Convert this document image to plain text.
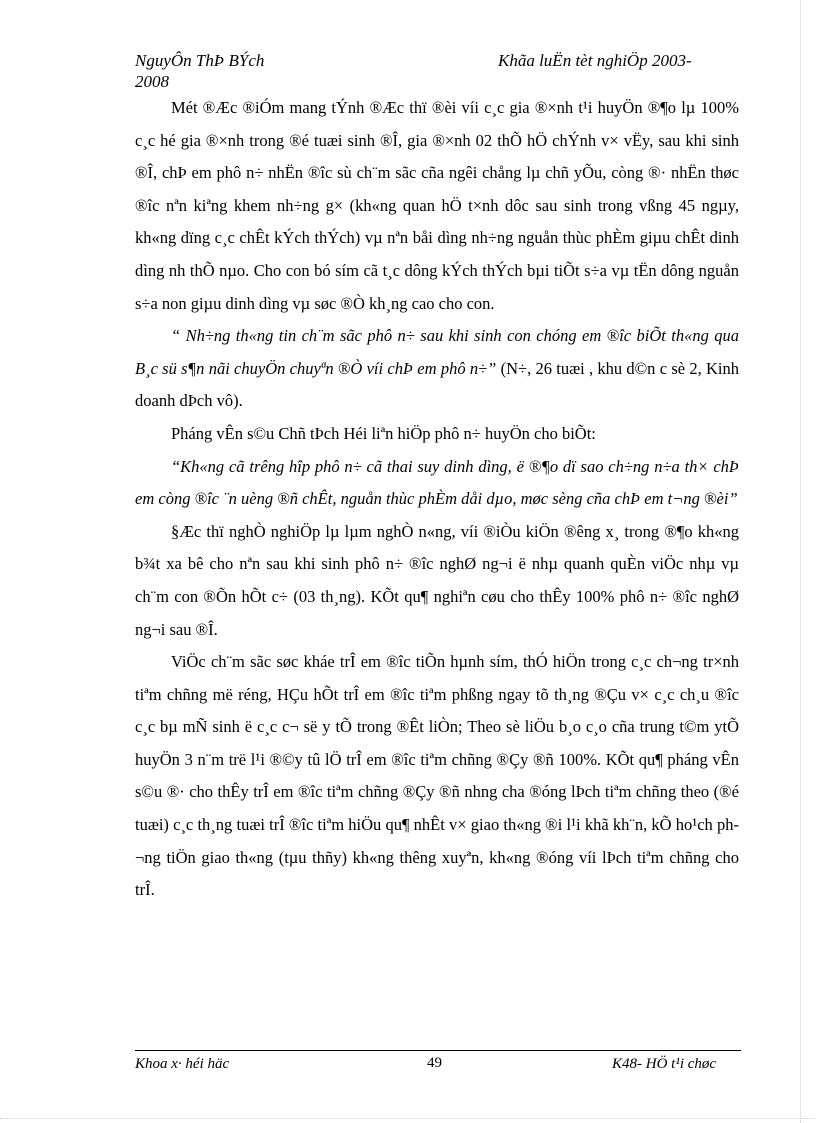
NguyÔn ThÞ BÝch
2008
Khãa luËn tèt nghiÖp 2003-

Mét ®Æc ®iÓm mang tÝnh ®Æc thï ®èi víi c¸c gia ®×nh t¹i huyÖn ®¶o lµ 100% c¸c hé gia ®×nh trong ®é tuæi sinh ®Î, gia ®×nh 02 thÕ hÖ chÝnh v× vËy, sau khi sinh ®Î, chÞ em phô n÷ nhËn ®îc sù ch¨m sãc cña ngêi chång lµ chñ yÕu, còng ®· nhËn thøc ®îc nªn kiªng khem nh÷ng g× (kh«ng quan hÖ t×nh dôc sau sinh trong vßng 45 ngµy, kh«ng dïng c¸c chÊt kÝch thÝch) vµ nªn båi dìng nh÷ng nguån thùc phÈm giµu chÊt dinh dìng nh thÕ nµo. Cho con bó sím cã t¸c dông kÝch thÝch bµi tiÕt s÷a vµ tËn dông nguån s÷a non giµu dinh dìng vµ søc ®Ò kh¸ng cao cho con.

“ Nh÷ng th«ng tin ch¨m sãc phô n÷ sau khi sinh con chóng em ®îc biÕt th«ng qua B¸c sü s¶n nãi chuyÖn chuyªn ®Ò víi chÞ em phô n÷” (N÷, 26 tuæi , khu d©n c sè 2, Kinh doanh dÞch vô).

Pháng vÊn s©u Chñ tÞch Héi liªn hiÖp phô n÷ huyÖn cho biÕt:

“Kh«ng cã trêng hîp phô n÷ cã thai suy dinh dìng, ë ®¶o dï sao ch÷ng n÷a th× chÞ em còng ®îc ¨n uèng ®ñ chÊt, nguån thùc phÈm dåi dµo, møc sèng cña chÞ em t¬ng ®èi”

§Æc thï nghÒ nghiÖp lµ lµm nghÒ n«ng, víi ®iÒu kiÖn ®êng x¸ trong ®¶o kh«ng b¾t xa bê cho nªn sau khi sinh phô n÷ ®îc nghØ ng¬i ë nhµ quanh quÈn viÖc nhµ vµ ch¨m con ®Õn hÕt c÷ (03 th¸ng). KÕt qu¶ nghiªn cøu cho thÊy 100% phô n÷ ®îc nghØ ng¬i sau ®Î.

ViÖc ch¨m sãc søc kháe trÎ em ®îc tiÕn hµnh sím, thÓ hiÖn trong c¸c ch¬ng tr×nh tiªm chñng më réng, HÇu hÕt trÎ em ®îc tiªm phßng ngay tõ th¸ng ®Çu v× c¸c ch¸u ®îc c¸c bµ mÑ sinh ë c¸c c¬ së y tÕ trong ®Êt liÒn; Theo sè liÖu b¸o c¸o cña trung t©m ytÕ huyÖn 3 n¨m trë l¹i ®©y tû lÖ trÎ em ®îc tiªm chñng ®Çy ®ñ 100%. KÕt qu¶ pháng vÊn s©u ®· cho thÊy trÎ em ®îc tiªm chñng ®Çy ®ñ nhng cha ®óng lÞch tiªm chñng theo (®é tuæi) c¸c th¸ng tuæi trÎ ®îc tiªm hiÖu qu¶ nhÊt v× giao th«ng ®i l¹i khã kh¨n, kÕ ho¹ch ph¬ng tiÖn giao th«ng (tµu thñy) kh«ng thêng xuyªn, kh«ng ®óng víi lÞch tiªm chñng cho trÎ.

Khoa x· héi häc	49	K48- HÖ t¹i chøc
